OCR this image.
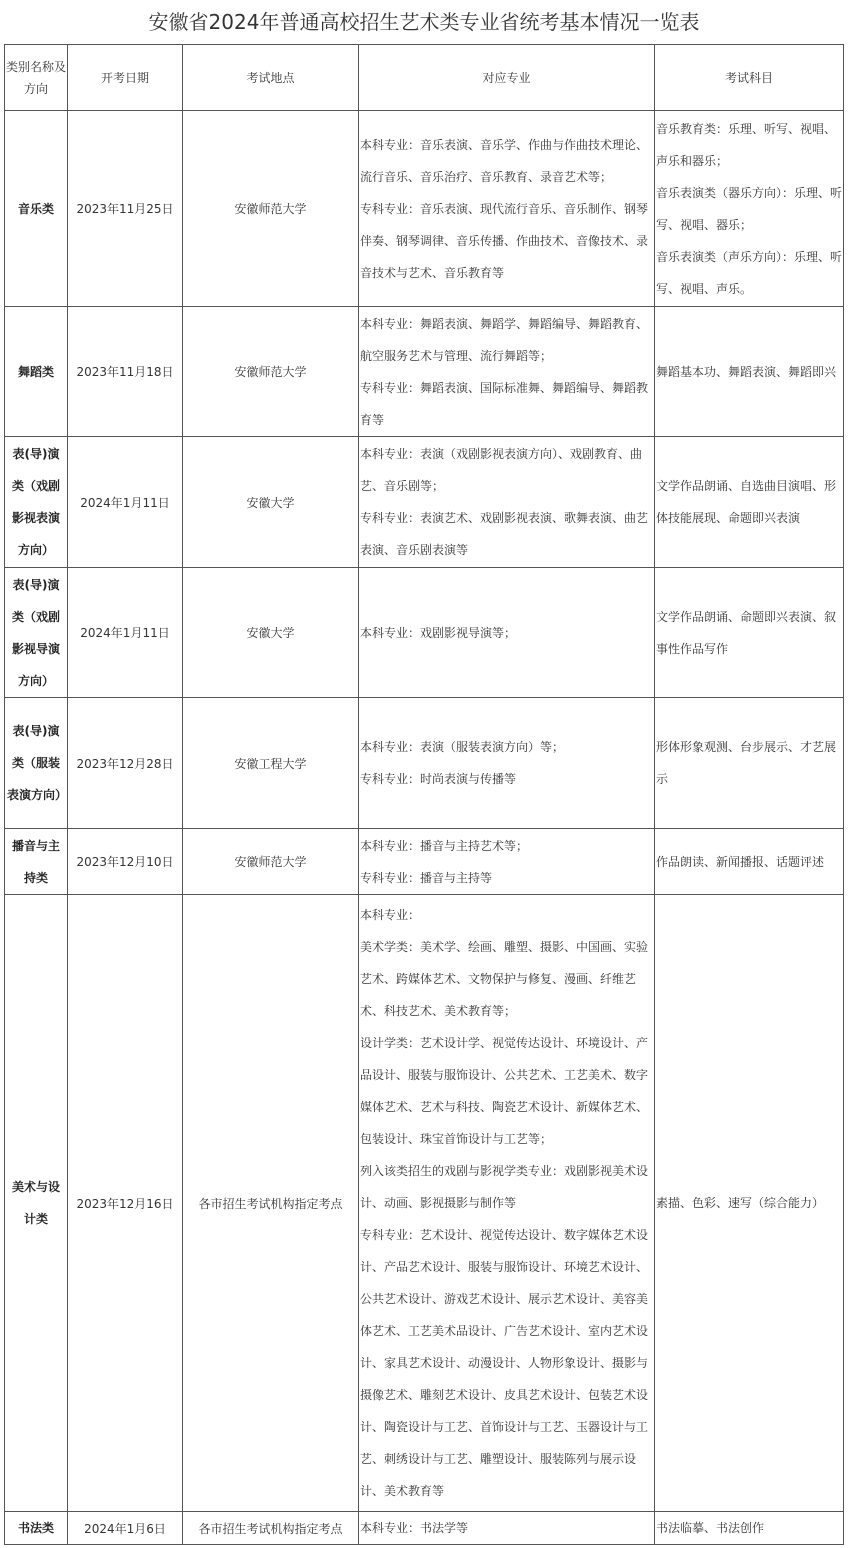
安徽省2024年普通高校招生艺术类专业省统考基本情况一览表
类别名称及方向	开考日期	考试地点	对应专业	考试科目
音乐类	2023年11月25日	安徽师范大学	本科专业：音乐表演、音乐学、作曲与作曲技术理论、流行音乐、音乐治疗、音乐教育、录音艺术等；
专科专业：音乐表演、现代流行音乐、音乐制作、钢琴伴奏、钢琴调律、音乐传播、作曲技术、音像技术、录音技术与艺术、音乐教育等	音乐教育类：乐理、听写、视唱、声乐和器乐；
音乐表演类（器乐方向）：乐理、听写、视唱、器乐；
音乐表演类（声乐方向）：乐理、听写、视唱、声乐。

舞蹈类	2023年11月18日	安徽师范大学	本科专业：舞蹈表演、舞蹈学、舞蹈编导、舞蹈教育、航空服务艺术与管理、流行舞蹈等；
专科专业：舞蹈表演、国际标准舞、舞蹈编导、舞蹈教育等	舞蹈基本功、舞蹈表演、舞蹈即兴

表(导)演类（戏剧影视表演方向）	2024年1月11日	安徽大学	本科专业：表演（戏剧影视表演方向）、戏剧教育、曲艺、音乐剧等；
专科专业：表演艺术、戏剧影视表演、歌舞表演、曲艺表演、音乐剧表演等	文学作品朗诵、自选曲目演唱、形体技能展现、命题即兴表演

表(导)演类（戏剧影视导演方向）	2024年1月11日	安徽大学	本科专业：戏剧影视导演等；	文学作品朗诵、命题即兴表演、叙事性作品写作

表(导)演类（服装表演方向）	2023年12月28日	安徽工程大学	本科专业：表演（服装表演方向）等；
专科专业：时尚表演与传播等	形体形象观测、台步展示、才艺展示

播音与主持类	2023年12月10日	安徽师范大学	本科专业：播音与主持艺术等；
专科专业：播音与主持等	作品朗读、新闻播报、话题评述

美术与设计类	2023年12月16日	各市招生考试机构指定考点	本科专业：
美术学类：美术学、绘画、雕塑、摄影、中国画、实验艺术、跨媒体艺术、文物保护与修复、漫画、纤维艺术、科技艺术、美术教育等；
设计学类：艺术设计学、视觉传达设计、环境设计、产品设计、服装与服饰设计、公共艺术、工艺美术、数字媒体艺术、艺术与科技、陶瓷艺术设计、新媒体艺术、包装设计、珠宝首饰设计与工艺等；
列入该类招生的戏剧与影视学类专业：戏剧影视美术设计、动画、影视摄影与制作等
专科专业：艺术设计、视觉传达设计、数字媒体艺术设计、产品艺术设计、服装与服饰设计、环境艺术设计、公共艺术设计、游戏艺术设计、展示艺术设计、美容美体艺术、工艺美术品设计、广告艺术设计、室内艺术设计、家具艺术设计、动漫设计、人物形象设计、摄影与摄像艺术、雕刻艺术设计、皮具艺术设计、包装艺术设计、陶瓷设计与工艺、首饰设计与工艺、玉器设计与工艺、刺绣设计与工艺、雕塑设计、服装陈列与展示设计、美术教育等	素描、色彩、速写（综合能力）

书法类	2024年1月6日	各市招生考试机构指定考点	本科专业：书法学等	书法临摹、书法创作
